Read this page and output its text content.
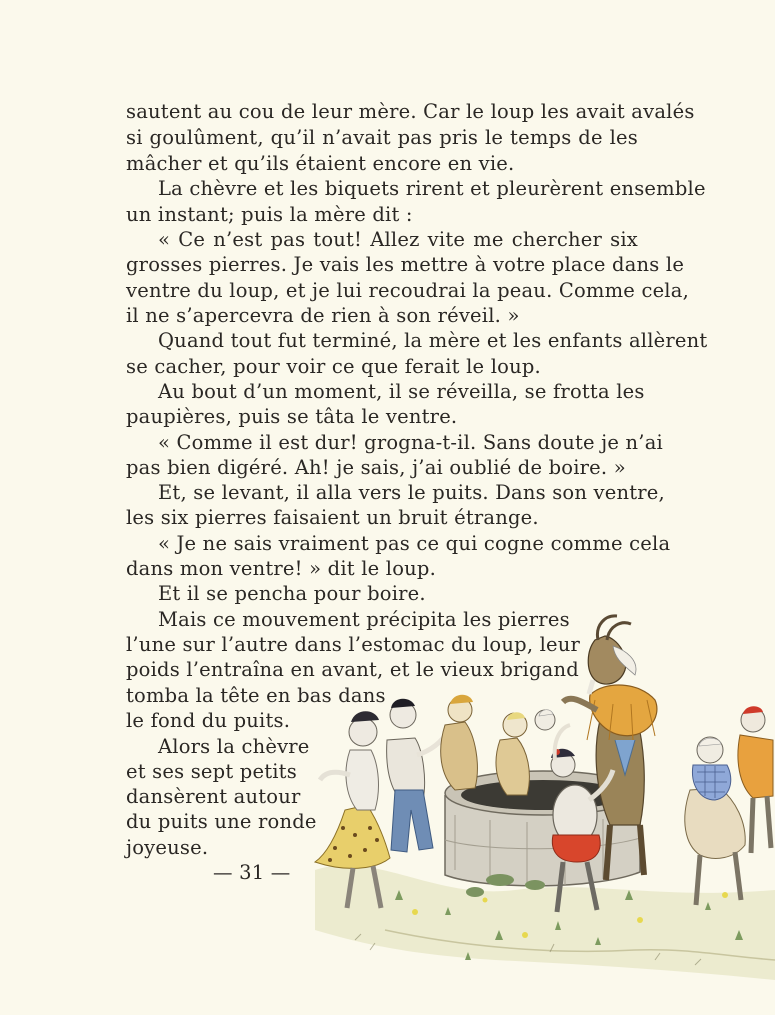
sautent au cou de leur mère. Car le loup les avait avalés
si goulûment, qu’il n’avait pas pris le temps de les
mâcher et qu’ils étaient encore en vie.
La chèvre et les biquets rirent et pleurèrent ensemble
un instant; puis la mère dit :
« Ce n’est pas tout! Allez vite me chercher six
grosses pierres. Je vais les mettre à votre place dans le
ventre du loup, et je lui recoudrai la peau. Comme cela,
il ne s’apercevra de rien à son réveil. »
Quand tout fut terminé, la mère et les enfants allèrent
se cacher, pour voir ce que ferait le loup.
Au bout d’un moment, il se réveilla, se frotta les
paupières, puis se tâta le ventre.
« Comme il est dur! grogna-t-il. Sans doute je n’ai
pas bien digéré. Ah! je sais, j’ai oublié de boire. »
Et, se levant, il alla vers le puits. Dans son ventre,
les six pierres faisaient un bruit étrange.
« Je ne sais vraiment pas ce qui cogne comme cela
dans mon ventre! » dit le loup.
Et il se pencha pour boire.
Mais ce mouvement précipita les pierres
l’une sur l’autre dans l’estomac du loup, leur
poids l’entraîna en avant, et le vieux brigand
tomba la tête en bas dans
le fond du puits.
Alors la chèvre
et ses sept petits
dansèrent autour
du puits une ronde
joyeuse.
— 31 —
